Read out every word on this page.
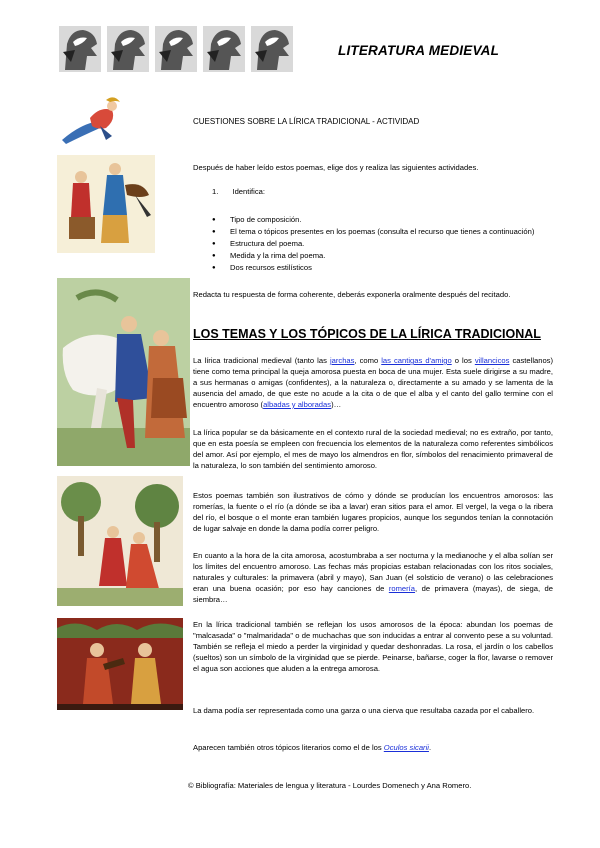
LITERATURA MEDIEVAL
CUESTIONES SOBRE LA LÍRICA TRADICIONAL - ACTIVIDAD
Después de haber leído estos poemas, elige dos y realiza las siguientes actividades.
1. Identifica:
● Tipo de composición.
● El tema o tópicos presentes en los poemas (consulta el recurso que tienes a continuación)
● Estructura del poema.
● Medida y la rima del poema.
● Dos recursos estilísticos
Redacta tu respuesta de forma coherente, deberás exponerla oralmente después del recitado.
LOS TEMAS Y LOS TÓPICOS DE LA LÍRICA TRADICIONAL
La lírica tradicional medieval (tanto las jarchas, como las cantigas d'amigo o los villancicos castellanos) tiene como tema principal la queja amorosa puesta en boca de una mujer. Esta suele dirigirse a su madre, a sus hermanas o amigas (confidentes), a la naturaleza o, directamente a su amado y se lamenta de la ausencia del amado, de que este no acude a la cita o de que el alba y el canto del gallo termine con el encuentro amoroso (albadas y alboradas)…
La lírica popular se da básicamente en el contexto rural de la sociedad medieval; no es extraño, por tanto, que en esta poesía se empleen con frecuencia los elementos de la naturaleza como referentes simbólicos del amor. Así por ejemplo, el mes de mayo los almendros en flor, símbolos del renacimiento primaveral de la naturaleza, lo son también del sentimiento amoroso.
Estos poemas también son ilustrativos de cómo y dónde se producían los encuentros amorosos: las romerías, la fuente o el río (a dónde se iba a lavar) eran sitios para el amor. El vergel, la vega o la ribera del río, el bosque o el monte eran también lugares propicios, aunque los segundos tenían la connotación de lugar salvaje en donde la dama podía correr peligro.
En cuanto a la hora de la cita amorosa, acostumbraba a ser nocturna y la medianoche y el alba solían ser los límites del encuentro amoroso. Las fechas más propicias estaban relacionadas con los ritos sociales, naturales y culturales: la primavera (abril y mayo), San Juan (el solsticio de verano) o las celebraciones eran una buena ocasión; por eso hay canciones de romería, de primavera (mayas), de siega, de siembra…
En la lírica tradicional también se reflejan los usos amorosos de la época: abundan los poemas de "malcasada" o "malmaridada" o de muchachas que son inducidas a entrar al convento pese a su voluntad. También se refleja el miedo a perder la virginidad y quedar deshonradas. La rosa, el jardín o los cabellos (sueltos) son un símbolo de la virginidad que se pierde. Peinarse, bañarse, coger la flor, lavarse o remover el agua son acciones que aluden a la entrega amorosa.
La dama podía ser representada como una garza o una cierva que resultaba cazada por el caballero.
Aparecen también otros tópicos literarios como el de los Oculos sicarii.
© Bibliografía: Materiales de lengua y literatura - Lourdes Domenech y Ana Romero.
